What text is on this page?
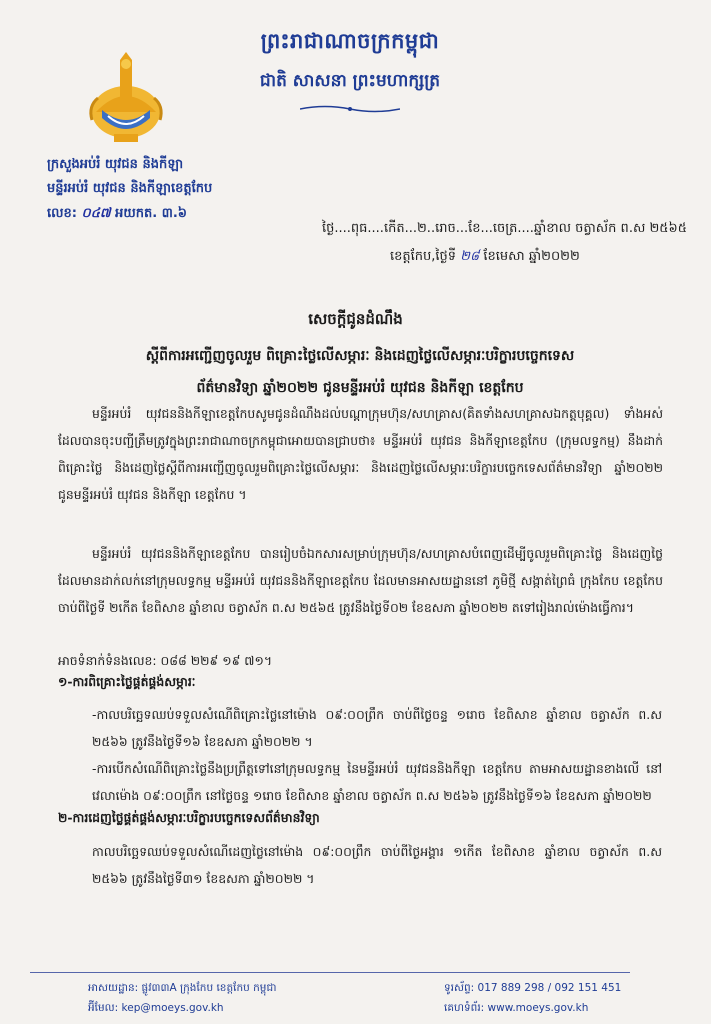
ព្រះរាជាណាចក្រកម្ពុជា
ជាតិ សាសនា ព្រះមហាក្សត្រ
ក្រសួងអប់រំ យុវជន និងកីឡា
មន្ទីរអប់រំ យុវជន និងកីឡាខេត្តកែប
លេខ: ០៤៧ អយកត. ៣.៦
ថ្ងៃ....ពុធ....កើត...២..រោច...ខែ...ចេត្រ....ឆ្នាំខាល ចត្វាស័ក ព.ស ២៥៦៥
ខេត្តកែប,ថ្ងៃទី ២៨ ខែមេសា ឆ្នាំ២០២២
សេចក្ដីជូនដំណឹង
ស្ដីពីការអញ្ជើញចូលរួម ពិគ្រោះថ្លៃលើសម្ភារៈ និងដេញថ្លៃលើសម្ភារៈបរិក្ខារបច្ចេកទេស
ព័ត៌មានវិទ្យា ឆ្នាំ២០២២ ជូនមន្ទីរអប់រំ យុវជន និងកីឡា ខេត្តកែប
មន្ទីរអប់រំ យុវជននិងកីឡាខេត្តកែបសូមជូនដំណឹងដល់បណ្ដាក្រុមហ៊ុន/សហគ្រាស(គិតទាំងសហគ្រាសឯកត្តបុគ្គល) ទាំងអស់ដែលបានចុះបញ្ជីត្រឹមត្រូវក្នុងព្រះរាជាណាចក្រកម្ពុជាអោយបានជ្រាបថា៖ មន្ទីរអប់រំ យុវជន និងកីឡាខេត្តកែប (ក្រុមលទ្ធកម្ម) នឹងដាក់ពិគ្រោះថ្លៃ និងដេញថ្លៃស្ដីពីការអញ្ជើញចូលរួមពិគ្រោះថ្លៃលើសម្ភារៈ និងដេញថ្លៃលើសម្ភារៈបរិក្ខារបច្ចេកទេសព័ត៌មានវិទ្យា ឆ្នាំ២០២២ ជូនមន្ទីរអប់រំ យុវជន និងកីឡា ខេត្តកែប ។
មន្ទីរអប់រំ យុវជននិងកីឡាខេត្តកែប បានរៀបចំឯកសារសម្រាប់ក្រុមហ៊ុន/សហគ្រាសបំពេញដើម្បីចូលរួមពិគ្រោះថ្លៃ និងដេញថ្លៃ ដែលមានដាក់លក់នៅក្រុមលទ្ធកម្ម មន្ទីរអប់រំ យុវជននិងកីឡាខេត្តកែប ដែលមានអាសយដ្ឋាននៅ ភូមិថ្មី សង្កាត់ព្រៃធំ ក្រុងកែប ខេត្តកែប ចាប់ពីថ្ងៃទី ២កើត ខែពិសាខ ឆ្នាំខាល ចត្វាស័ក ព.ស ២៥៦៥ ត្រូវនឹងថ្ងៃទី០២ ខែឧសភា ឆ្នាំ២០២២ តទៅរៀងរាល់ម៉ោងធ្វើការ។
អាចទំនាក់ទំនងលេខ: ០៨៨ ២២៩ ១៩ ៧១។
១-ការពិគ្រោះថ្លៃផ្គត់ផ្គង់សម្ភារៈ
-កាលបរិច្ឆេទឈប់ទទួលសំណើពិគ្រោះថ្លៃនៅម៉ោង ០៩:០០ព្រឹក ចាប់ពីថ្ងៃចន្ទ ១រោច ខែពិសាខ ឆ្នាំខាល ចត្វាស័ក ព.ស ២៥៦៦ ត្រូវនឹងថ្ងៃទី១៦ ខែឧសភា ឆ្នាំ២០២២ ។
-ការបើកសំណើពិគ្រោះថ្លៃនឹងប្រព្រឹត្តទៅនៅក្រុមលទ្ធកម្ម នៃមន្ទីរអប់រំ យុវជននិងកីឡា ខេត្តកែប តាមអាសយដ្ឋានខាងលើ នៅវេលាម៉ោង ០៩:០០ព្រឹក នៅថ្ងៃចន្ទ ១រោច ខែពិសាខ ឆ្នាំខាល ចត្វាស័ក ព.ស ២៥៦៦ ត្រូវនឹងថ្ងៃទី១៦ ខែឧសភា ឆ្នាំ២០២២
២-ការដេញថ្លៃផ្គត់ផ្គង់សម្ភារៈបរិក្ខារបច្ចេកទេសព័ត៌មានវិទ្យា
កាលបរិច្ឆេទឈប់ទទួលសំណើដេញថ្លៃនៅម៉ោង ០៩:០០ព្រឹក ចាប់ពីថ្ងៃអង្គារ ១កើត ខែពិសាខ ឆ្នាំខាល ចត្វាស័ក ព.ស ២៥៦៦ ត្រូវនឹងថ្ងៃទី៣១ ខែឧសភា ឆ្នាំ២០២២ ។
អាសយដ្ឋាន: ផ្លូវ៣៣A ក្រុងកែប ខេត្តកែប កម្ពុជា
អ៊ីមែល: kep@moeys.gov.kh
ទូរស័ព្ទ: 017 889 298 / 092 151 451
គេហទំព័រ: www.moeys.gov.kh
